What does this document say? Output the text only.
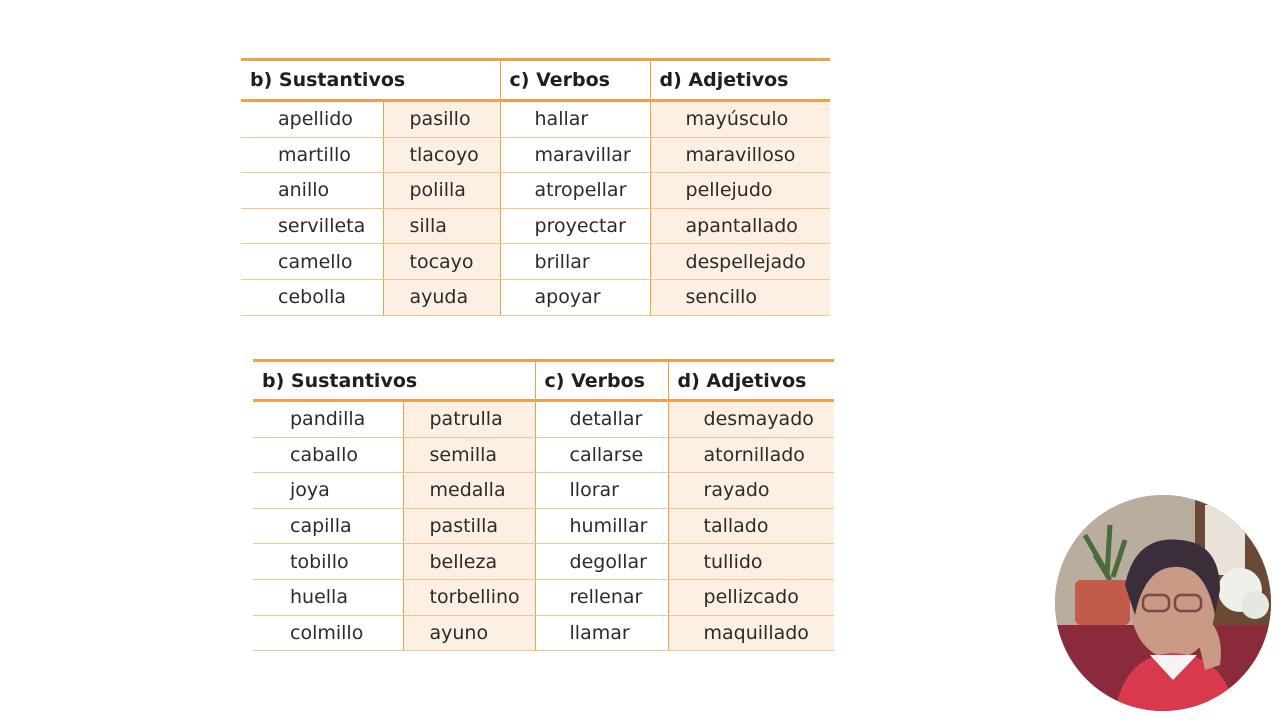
b) Sustantivos		c) Verbos	d) Adjetivos
apellido	pasillo	hallar	mayúsculo
martillo	tlacoyo	maravillar	maravilloso
anillo	polilla	atropellar	pellejudo
servilleta	silla	proyectar	apantallado
camello	tocayo	brillar	despellejado
cebolla	ayuda	apoyar	sencillo
b) Sustantivos		c) Verbos	d) Adjetivos
pandilla	patrulla	detallar	desmayado
caballo	semilla	callarse	atornillado
joya	medalla	llorar	rayado
capilla	pastilla	humillar	tallado
tobillo	belleza	degollar	tullido
huella	torbellino	rellenar	pellizcado
colmillo	ayuno	llamar	maquillado
